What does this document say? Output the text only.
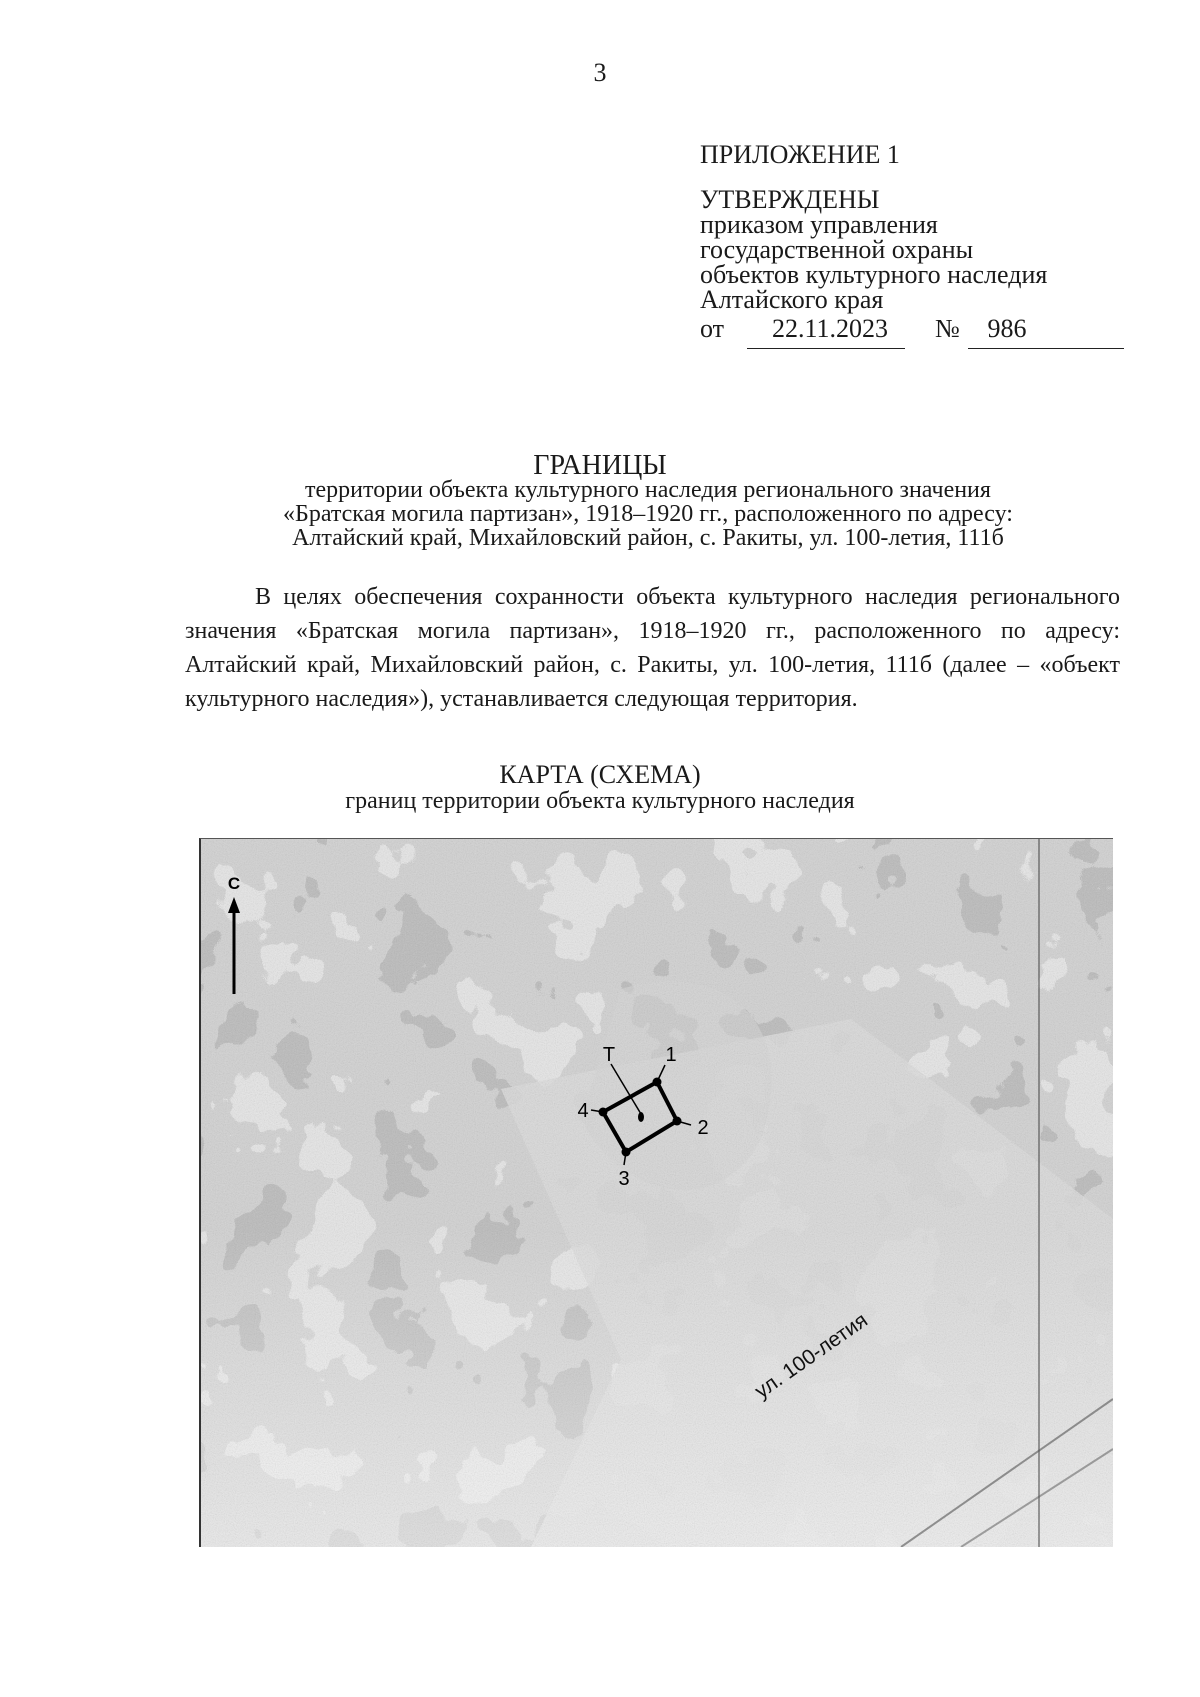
3
ПРИЛОЖЕНИЕ 1
УТВЕРЖДЕНЫ
приказом управления
государственной охраны
объектов культурного наследия
Алтайского края
от	22.11.2023	№	986
ГРАНИЦЫ
территории объекта культурного наследия регионального значения
«Братская могила партизан», 1918–1920 гг., расположенного по адресу:
Алтайский край, Михайловский район, с. Ракиты, ул. 100-летия, 111б
В целях обеспечения сохранности объекта культурного наследия регионального значения «Братская могила партизан», 1918–1920 гг., расположенного по адресу: Алтайский край, Михайловский район, с. Ракиты, ул. 100-летия, 111б (далее – «объект культурного наследия»), устанавливается следующая территория.
КАРТА (СХЕМА)
границ территории объекта культурного наследия
С
Т	1
2
3
4
ул. 100-летия
